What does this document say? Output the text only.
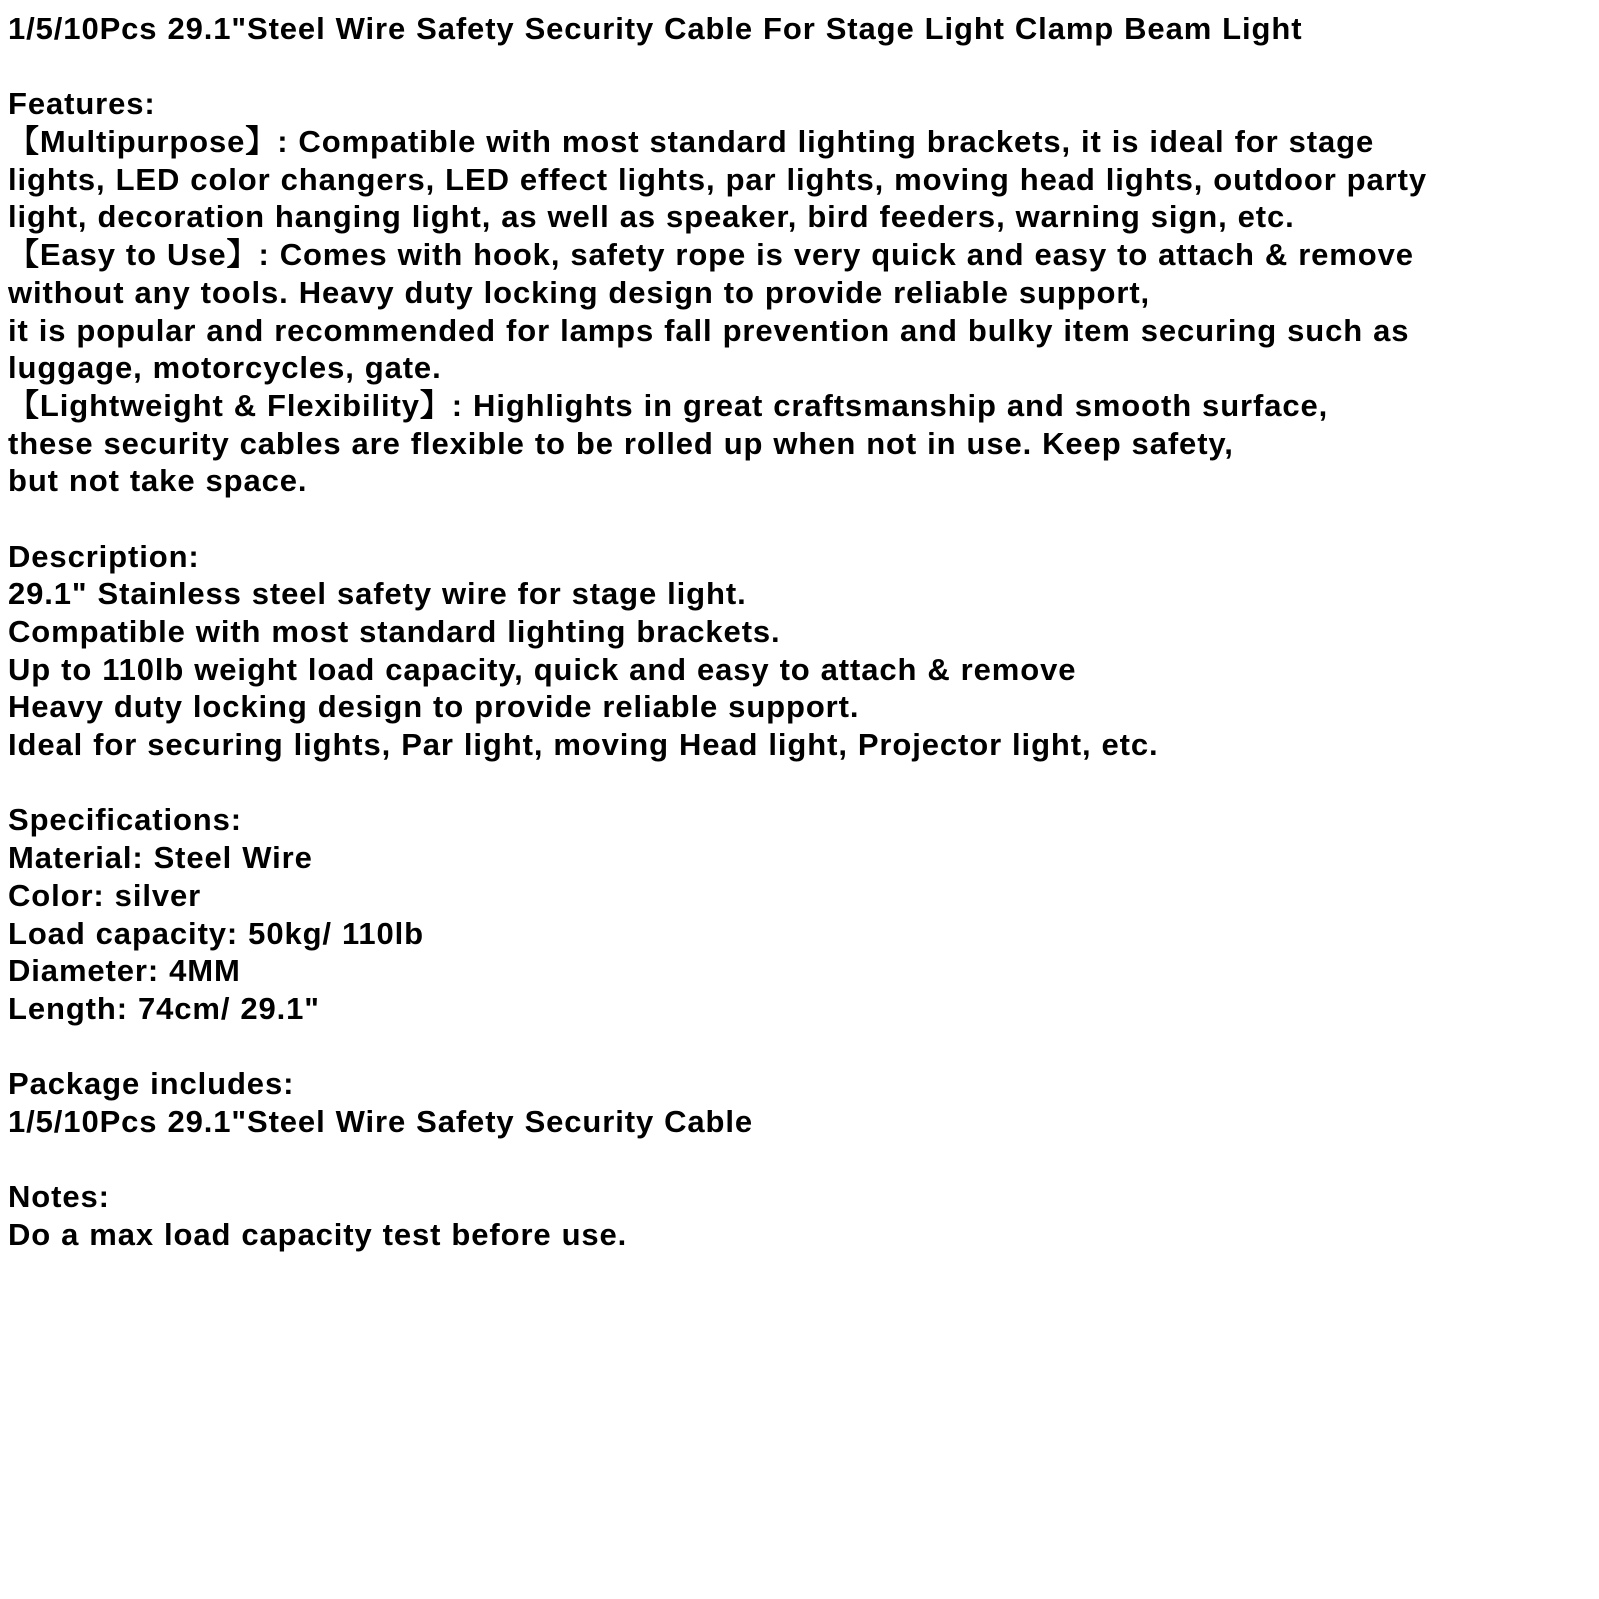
1/5/10Pcs 29.1"Steel Wire Safety Security Cable For Stage Light Clamp Beam Light
Features:
【Multipurpose】: Compatible with most standard lighting brackets, it is ideal for stage
lights, LED color changers, LED effect lights, par lights, moving head lights, outdoor party
light, decoration hanging light, as well as speaker, bird feeders, warning sign, etc.
【Easy to Use】: Comes with hook, safety rope is very quick and easy to attach & remove
without any tools. Heavy duty locking design to provide reliable support,
it is popular and recommended for lamps fall prevention and bulky item securing such as
luggage, motorcycles, gate.
【Lightweight & Flexibility】: Highlights in great craftsmanship and smooth surface,
these security cables are flexible to be rolled up when not in use. Keep safety,
but not take space.
Description:
29.1" Stainless steel safety wire for stage light.
Compatible with most standard lighting brackets.
Up to 110lb weight load capacity, quick and easy to attach & remove
Heavy duty locking design to provide reliable support.
Ideal for securing lights, Par light, moving Head light, Projector light, etc.
Specifications:
Material: Steel Wire
Color: silver
Load capacity: 50kg/ 110lb
Diameter: 4MM
Length: 74cm/ 29.1"
Package includes:
1/5/10Pcs 29.1"Steel Wire Safety Security Cable
Notes:
Do a max load capacity test before use.
